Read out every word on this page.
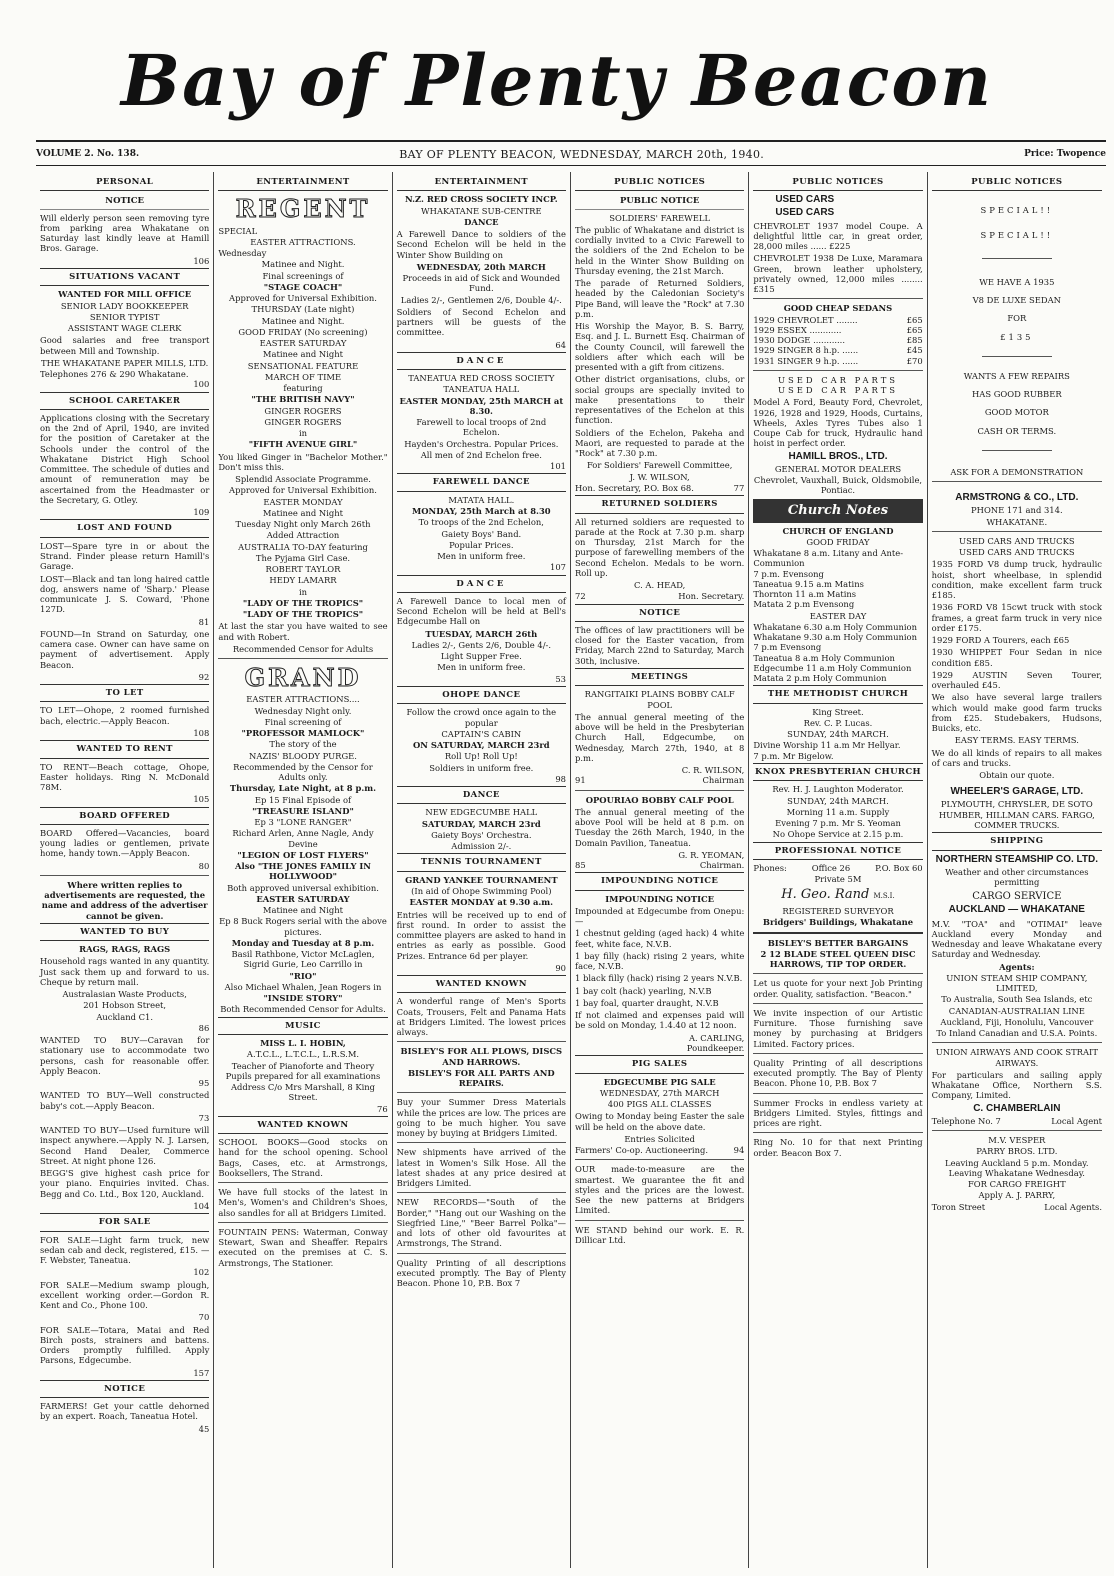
Bay of Plenty Beacon
VOLUME 2. No. 138.	BAY OF PLENTY BEACON, WEDNESDAY, MARCH 20th, 1940.	Price: Twopence
PERSONAL
NOTICE

Will elderly person seen removing tyre from parking area Whakatane on Saturday last kindly leave at Hamill Bros. Garage.

106
SITUATIONS VACANT
WANTED FOR MILL OFFICE
SENIOR LADY BOOKKEEPER
SENIOR TYPIST
ASSISTANT WAGE CLERK

Good salaries and free transport between Mill and Township.

THE WHAKATANE PAPER MILLS, LTD.
Telephones 276 & 290 Whakatane.
100
SCHOOL CARETAKER

Applications closing with the Secretary on the 2nd of April, 1940, are invited for the position of Caretaker at the Schools under the control of the Whakatane District High School Committee. The schedule of duties and amount of remuneration may be ascertained from the Headmaster or the Secretary, G. Otley.

109
LOST AND FOUND

LOST—Spare tyre in or about the Strand. Finder please return Hamill's Garage.

LOST—Black and tan long haired cattle dog, answers name of 'Sharp.' Please communicate J. S. Coward, 'Phone 127D.

81

FOUND—In Strand on Saturday, one camera case. Owner can have same on payment of advertisement. Apply Beacon.

92
TO LET

TO LET—Ohope, 2 roomed furnished bach, electric.—Apply Beacon.

108
WANTED TO RENT

TO RENT—Beach cottage, Ohope, Easter holidays. Ring N. McDonald 78M.

105
BOARD OFFERED

BOARD Offered—Vacancies, board young ladies or gentlemen, private home, handy town.—Apply Beacon.

80

Where written replies to advertisements are requested, the name and address of the advertiser cannot be given.

WANTED TO BUY
RAGS, RAGS, RAGS

Household rags wanted in any quantity. Just sack them up and forward to us. Cheque by return mail.

Australasian Waste Products,
201 Hobson Street,
Auckland C1.
86

WANTED TO BUY—Caravan for stationary use to accommodate two persons, cash for reasonable offer. Apply Beacon.

95

WANTED TO BUY—Well constructed baby's cot.—Apply Beacon.

73

WANTED TO BUY—Used furniture will inspect anywhere.—Apply N. J. Larsen, Second Hand Dealer, Commerce Street. At night phone 126.

BEGG'S give highest cash price for your piano. Enquiries invited. Chas. Begg and Co. Ltd., Box 120, Auckland.

104
FOR SALE

FOR SALE—Light farm truck, new sedan cab and deck, registered, £15. —F. Webster, Taneatua.

102

FOR SALE—Medium swamp plough, excellent working order.—Gordon R. Kent and Co., Phone 100.

70

FOR SALE—Totara, Matai and Red Birch posts, strainers and battens. Orders promptly fulfilled. Apply Parsons, Edgecumbe.

157
NOTICE

FARMERS! Get your cattle dehorned by an expert. Roach, Taneatua Hotel.

45
ENTERTAINMENT
REGENT
SPECIAL
EASTER ATTRACTIONS.
Wednesday
Matinee and Night.
Final screenings of
"STAGE COACH"
Approved for Universal Exhibition.
THURSDAY (Late night)
Matinee and Night.
GOOD FRIDAY (No screening)
EASTER SATURDAY
Matinee and Night
SENSATIONAL FEATURE
MARCH OF TIME
featuring
"THE BRITISH NAVY"
GINGER ROGERS
GINGER ROGERS
in
"FIFTH AVENUE GIRL"

You liked Ginger in "Bachelor Mother." Don't miss this.

Splendid Associate Programme.
Approved for Universal Exhibition.
EASTER MONDAY
Matinee and Night
Tuesday Night only March 26th
Added Attraction
AUSTRALIA TO-DAY featuring
The Pyjama Girl Case.
ROBERT TAYLOR
HEDY LAMARR
in
"LADY OF THE TROPICS"
"LADY OF THE TROPICS"

At last the star you have waited to see and with Robert.

Recommended Censor for Adults
GRAND
EASTER ATTRACTIONS....
Wednesday Night only.
Final screening of
"PROFESSOR MAMLOCK"
The story of the
NAZIS' BLOODY PURGE.
Recommended by the Censor for Adults only.
Thursday, Late Night, at 8 p.m.
Ep 15 Final Episode of
"TREASURE ISLAND"
Ep 3 "LONE RANGER"
Richard Arlen, Anne Nagle, Andy Devine
"LEGION OF LOST FLYERS"
Also "THE JONES FAMILY IN HOLLYWOOD"
Both approved universal exhibition.
EASTER SATURDAY
Matinee and Night
Ep 8 Buck Rogers serial with the above pictures.
Monday and Tuesday at 8 p.m.
Basil Rathbone, Victor McLaglen, Sigrid Gurie, Leo Carrillo in
"RIO"
Also Michael Whalen, Jean Rogers in
"INSIDE STORY"
Both Recommended Censor for Adults.
MUSIC
MISS L. I. HOBIN,
A.T.C.L., L.T.C.L., L.R.S.M.

Teacher of Pianoforte and Theory Pupils prepared for all examinations

Address C/o Mrs Marshall, 8 King Street.
76
WANTED KNOWN

SCHOOL BOOKS—Good stocks on hand for the school opening. School Bags, Cases, etc. at Armstrongs, Booksellers, The Strand.

We have full stocks of the latest in Men's, Women's and Children's Shoes, also sandles for all at Bridgers Limited.

FOUNTAIN PENS: Waterman, Conway Stewart, Swan and Sheaffer. Repairs executed on the premises at C. S. Armstrongs, The Stationer.

ENTERTAINMENT
N.Z. RED CROSS SOCIETY INCP.
WHAKATANE SUB-CENTRE
DANCE

A Farewell Dance to soldiers of the Second Echelon will be held in the Winter Show Building on

WEDNESDAY, 20th MARCH
Proceeds in aid of Sick and Wounded Fund.
Ladies 2/-, Gentlemen 2/6, Double 4/-.

Soldiers of Second Echelon and partners will be guests of the committee.

64
DANCE
TANEATUA RED CROSS SOCIETY
TANEATUA HALL
EASTER MONDAY, 25th MARCH at 8.30.
Farewell to local troops of 2nd Echelon.
Hayden's Orchestra. Popular Prices.
All men of 2nd Echelon free.
101
FAREWELL DANCE
MATATA HALL.
MONDAY, 25th March at 8.30
To troops of the 2nd Echelon,
Gaiety Boys' Band.
Popular Prices.
Men in uniform free.
107
DANCE

A Farewell Dance to local men of Second Echelon will be held at Bell's Edgecumbe Hall on

TUESDAY, MARCH 26th
Ladies 2/-, Gents 2/6, Double 4/-.
Light Supper Free.
Men in uniform free.
53
OHOPE DANCE
Follow the crowd once again to the popular
CAPTAIN'S CABIN
ON SATURDAY, MARCH 23rd
Roll Up! Roll Up!
Soldiers in uniform free.
98
DANCE
NEW EDGECUMBE HALL
SATURDAY, MARCH 23rd
Gaiety Boys' Orchestra.
Admission 2/-.
TENNIS TOURNAMENT
GRAND YANKEE TOURNAMENT
(In aid of Ohope Swimming Pool)
EASTER MONDAY at 9.30 a.m.

Entries will be received up to end of first round. In order to assist the committee players are asked to hand in entries as early as possible. Good Prizes. Entrance 6d per player.

90
WANTED KNOWN

A wonderful range of Men's Sports Coats, Trousers, Felt and Panama Hats at Bridgers Limited. The lowest prices always.

BISLEY'S FOR ALL PLOWS, DISCS AND HARROWS.
BISLEY'S FOR ALL PARTS AND REPAIRS.

Buy your Summer Dress Materials while the prices are low. The prices are going to be much higher. You save money by buying at Bridgers Limited.

New shipments have arrived of the latest in Women's Silk Hose. All the latest shades at any price desired at Bridgers Limited.

NEW RECORDS—"South of the Border," "Hang out our Washing on the Siegfried Line," "Beer Barrel Polka"—and lots of other old favourites at Armstrongs, The Strand.

Quality Printing of all descriptions executed promptly. The Bay of Plenty Beacon. Phone 10, P.B. Box 7

PUBLIC NOTICES
PUBLIC NOTICE
SOLDIERS' FAREWELL

The public of Whakatane and district is cordially invited to a Civic Farewell to the soldiers of the 2nd Echelon to be held in the Winter Show Building on Thursday evening, the 21st March.

The parade of Returned Soldiers, headed by the Caledonian Society's Pipe Band, will leave the "Rock" at 7.30 p.m.

His Worship the Mayor, B. S. Barry, Esq. and J. L. Burnett Esq. Chairman of the County Council, will farewell the soldiers after which each will be presented with a gift from citizens.

Other district organisations, clubs, or social groups are specially invited to make presentations to their representatives of the Echelon at this function.

Soldiers of the Echelon, Pakeha and Maori, are requested to parade at the "Rock" at 7.30 p.m.

For Soldiers' Farewell Committee,
J. W. WILSON,
Hon. Secretary, P.O. Box 68.	77
RETURNED SOLDIERS

All returned soldiers are requested to parade at the Rock at 7.30 p.m. sharp on Thursday, 21st March for the purpose of farewelling members of the Second Echelon. Medals to be worn. Roll up.

C. A. HEAD,
72	Hon. Secretary.
NOTICE

The offices of law practitioners will be closed for the Easter vacation, from Friday, March 22nd to Saturday, March 30th, inclusive.

MEETINGS
RANGITAIKI PLAINS BOBBY CALF POOL

The annual general meeting of the above will be held in the Presbyterian Church Hall, Edgecumbe, on Wednesday, March 27th, 1940, at 8 p.m.

C. R. WILSON,
91	Chairman
OPOURIAO BOBBY CALF POOL

The annual general meeting of the above Pool will be held at 8 p.m. on Tuesday the 26th March, 1940, in the Domain Pavilion, Taneatua.

G. R. YEOMAN,
85	Chairman.
IMPOUNDING NOTICE
IMPOUNDING NOTICE

Impounded at Edgecumbe from Onepu:—

1 chestnut gelding (aged hack) 4 white feet, white face, N.V.B.

1 bay filly (hack) rising 2 years, white face, N.V.B.

1 black filly (hack) rising 2 years N.V.B.

1 bay colt (hack) yearling, N.V.B

1 bay foal, quarter draught, N.V.B

If not claimed and expenses paid will be sold on Monday, 1.4.40 at 12 noon.

A. CARLING,
Poundkeeper.
PIG SALES
EDGECUMBE PIG SALE
WEDNESDAY, 27th MARCH
400 PIGS ALL CLASSES

Owing to Monday being Easter the sale will be held on the above date.

Entries Solicited
Farmers' Co-op. Auctioneering.	94

OUR made-to-measure are the smartest. We guarantee the fit and styles and the prices are the lowest. See the new patterns at Bridgers Limited.

WE STAND behind our work. E. R. Dillicar Ltd.

PUBLIC NOTICES
USED CARS
USED CARS

CHEVROLET 1937 model Coupe. A delightful little car, in great order, 28,000 miles ...... £225

CHEVROLET 1938 De Luxe, Maramara Green, brown leather upholstery, privately owned, 12,000 miles ........ £315

GOOD CHEAP SEDANS
1929 CHEVROLET ........	£65
1929 ESSEX ............	£65
1930 DODGE ............	£85
1929 SINGER 8 h.p. ......	£45
1931 SINGER 9 h.p. ......	£70
USED CAR PARTS
USED CAR PARTS

Model A Ford, Beauty Ford, Chevrolet, 1926, 1928 and 1929, Hoods, Curtains, Wheels, Axles Tyres Tubes also 1 Coupe Cab for truck, Hydraulic hand hoist in perfect order.

HAMILL BROS., LTD.
GENERAL MOTOR DEALERS
Chevrolet, Vauxhall, Buick, Oldsmobile, Pontiac.
Church Notes
CHURCH OF ENGLAND
GOOD FRIDAY
Whakatane 8 a.m. Litany and Ante-Communion
7 p.m. Evensong
Taneatua 9.15 a.m Matins
Thornton 11 a.m Matins
Matata 2 p.m Evensong
EASTER DAY
Whakatane 6.30 a.m Holy Communion
Whakatane 9.30 a.m Holy Communion
7 p.m Evensong
Taneatua 8 a.m Holy Communion
Edgecumbe 11 a.m Holy Communion
Matata 2 p.m Holy Communion
THE METHODIST CHURCH
King Street.
Rev. C. P. Lucas.
SUNDAY, 24th MARCH.
Divine Worship 11 a.m Mr Hellyar.
7 p.m. Mr Bigelow.
KNOX PRESBYTERIAN CHURCH
Rev. H. J. Laughton Moderator.
SUNDAY, 24th MARCH.
Morning 11 a.m. Supply
Evening 7 p.m. Mr S. Yeoman
No Ohope Service at 2.15 p.m.
PROFESSIONAL NOTICE
Phones:	Office 26	P.O. Box 60
Private 5M
H. Geo. Rand M.S.I.
REGISTERED SURVEYOR
Bridgers' Buildings, Whakatane
BISLEY'S BETTER BARGAINS
2 12 BLADE STEEL QUEEN DISC HARROWS, TIP TOP ORDER.

Let us quote for your next Job Printing order. Quality, satisfaction. "Beacon."

We invite inspection of our Artistic Furniture. Those furnishing save money by purchasing at Bridgers Limited. Factory prices.

Quality Printing of all descriptions executed promptly. The Bay of Plenty Beacon. Phone 10, P.B. Box 7

Summer Frocks in endless variety at Bridgers Limited. Styles, fittings and prices are right.

Ring No. 10 for that next Printing order. Beacon Box 7.

PUBLIC NOTICES
SPECIAL!!
SPECIAL!!
WE HAVE A 1935
V8 DE LUXE SEDAN
FOR
£135
WANTS A FEW REPAIRS
HAS GOOD RUBBER
GOOD MOTOR
CASH OR TERMS.
ASK FOR A DEMONSTRATION
ARMSTRONG & CO., LTD.
PHONE 171 and 314.
WHAKATANE.
USED CARS AND TRUCKS
USED CARS AND TRUCKS

1935 FORD V8 dump truck, hydraulic hoist, short wheelbase, in splendid condition, make excellent farm truck £185.

1936 FORD V8 15cwt truck with stock frames, a great farm truck in very nice order £175.

1929 FORD A Tourers, each £65

1930 WHIPPET Four Sedan in nice condition £85.

1929 AUSTIN Seven Tourer, overhauled £45.

We also have several large trailers which would make good farm trucks from £25. Studebakers, Hudsons, Buicks, etc.

EASY TERMS. EASY TERMS.

We do all kinds of repairs to all makes of cars and trucks.

Obtain our quote.
WHEELER'S GARAGE, LTD.
PLYMOUTH, CHRYSLER, DE SOTO HUMBER, HILLMAN CARS. FARGO, COMMER TRUCKS.
SHIPPING
NORTHERN STEAMSHIP CO. LTD.
Weather and other circumstances permitting
CARGO SERVICE
AUCKLAND — WHAKATANE

M.V. "TOA" and "OTIMAI" leave Auckland every Monday and Wednesday and leave Whakatane every Saturday and Wednesday.

Agents:
UNION STEAM SHIP COMPANY, LIMITED,
To Australia, South Sea Islands, etc
CANADIAN-AUSTRALIAN LINE
Auckland, Fiji, Honolulu, Vancouver
To Inland Canadian and U.S.A. Points.
UNION AIRWAYS AND COOK STRAIT AIRWAYS.

For particulars and sailing apply Whakatane Office, Northern S.S. Company, Limited.

C. CHAMBERLAIN
Telephone No. 7	Local Agent
M.V. VESPER
PARRY BROS. LTD.

Leaving Auckland 5 p.m. Monday. Leaving Whakatane Wednesday.

FOR CARGO FREIGHT
Apply A. J. PARRY,
Toron Street	Local Agents.
